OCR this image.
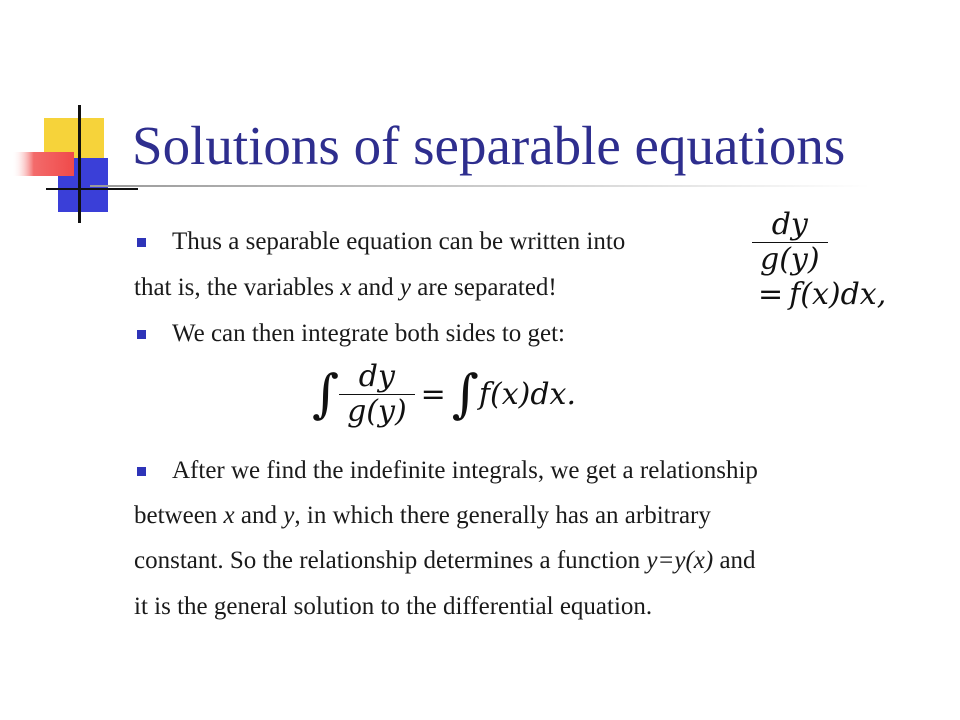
Solutions of separable equations
Thus a separable equation can be written into	$\frac{dy}{g(y)}$
= f(x)dx,
that is, the variables x and y are separated!
We can then integrate both sides to get:
∫ $\frac{dy}{g(y)} = \int f(x)dx$.
After we find the indefinite integrals, we get a relationship
between x and y, in which there generally has an arbitrary
constant. So the relationship determines a function y=y(x) and
it is the general solution to the differential equation.
